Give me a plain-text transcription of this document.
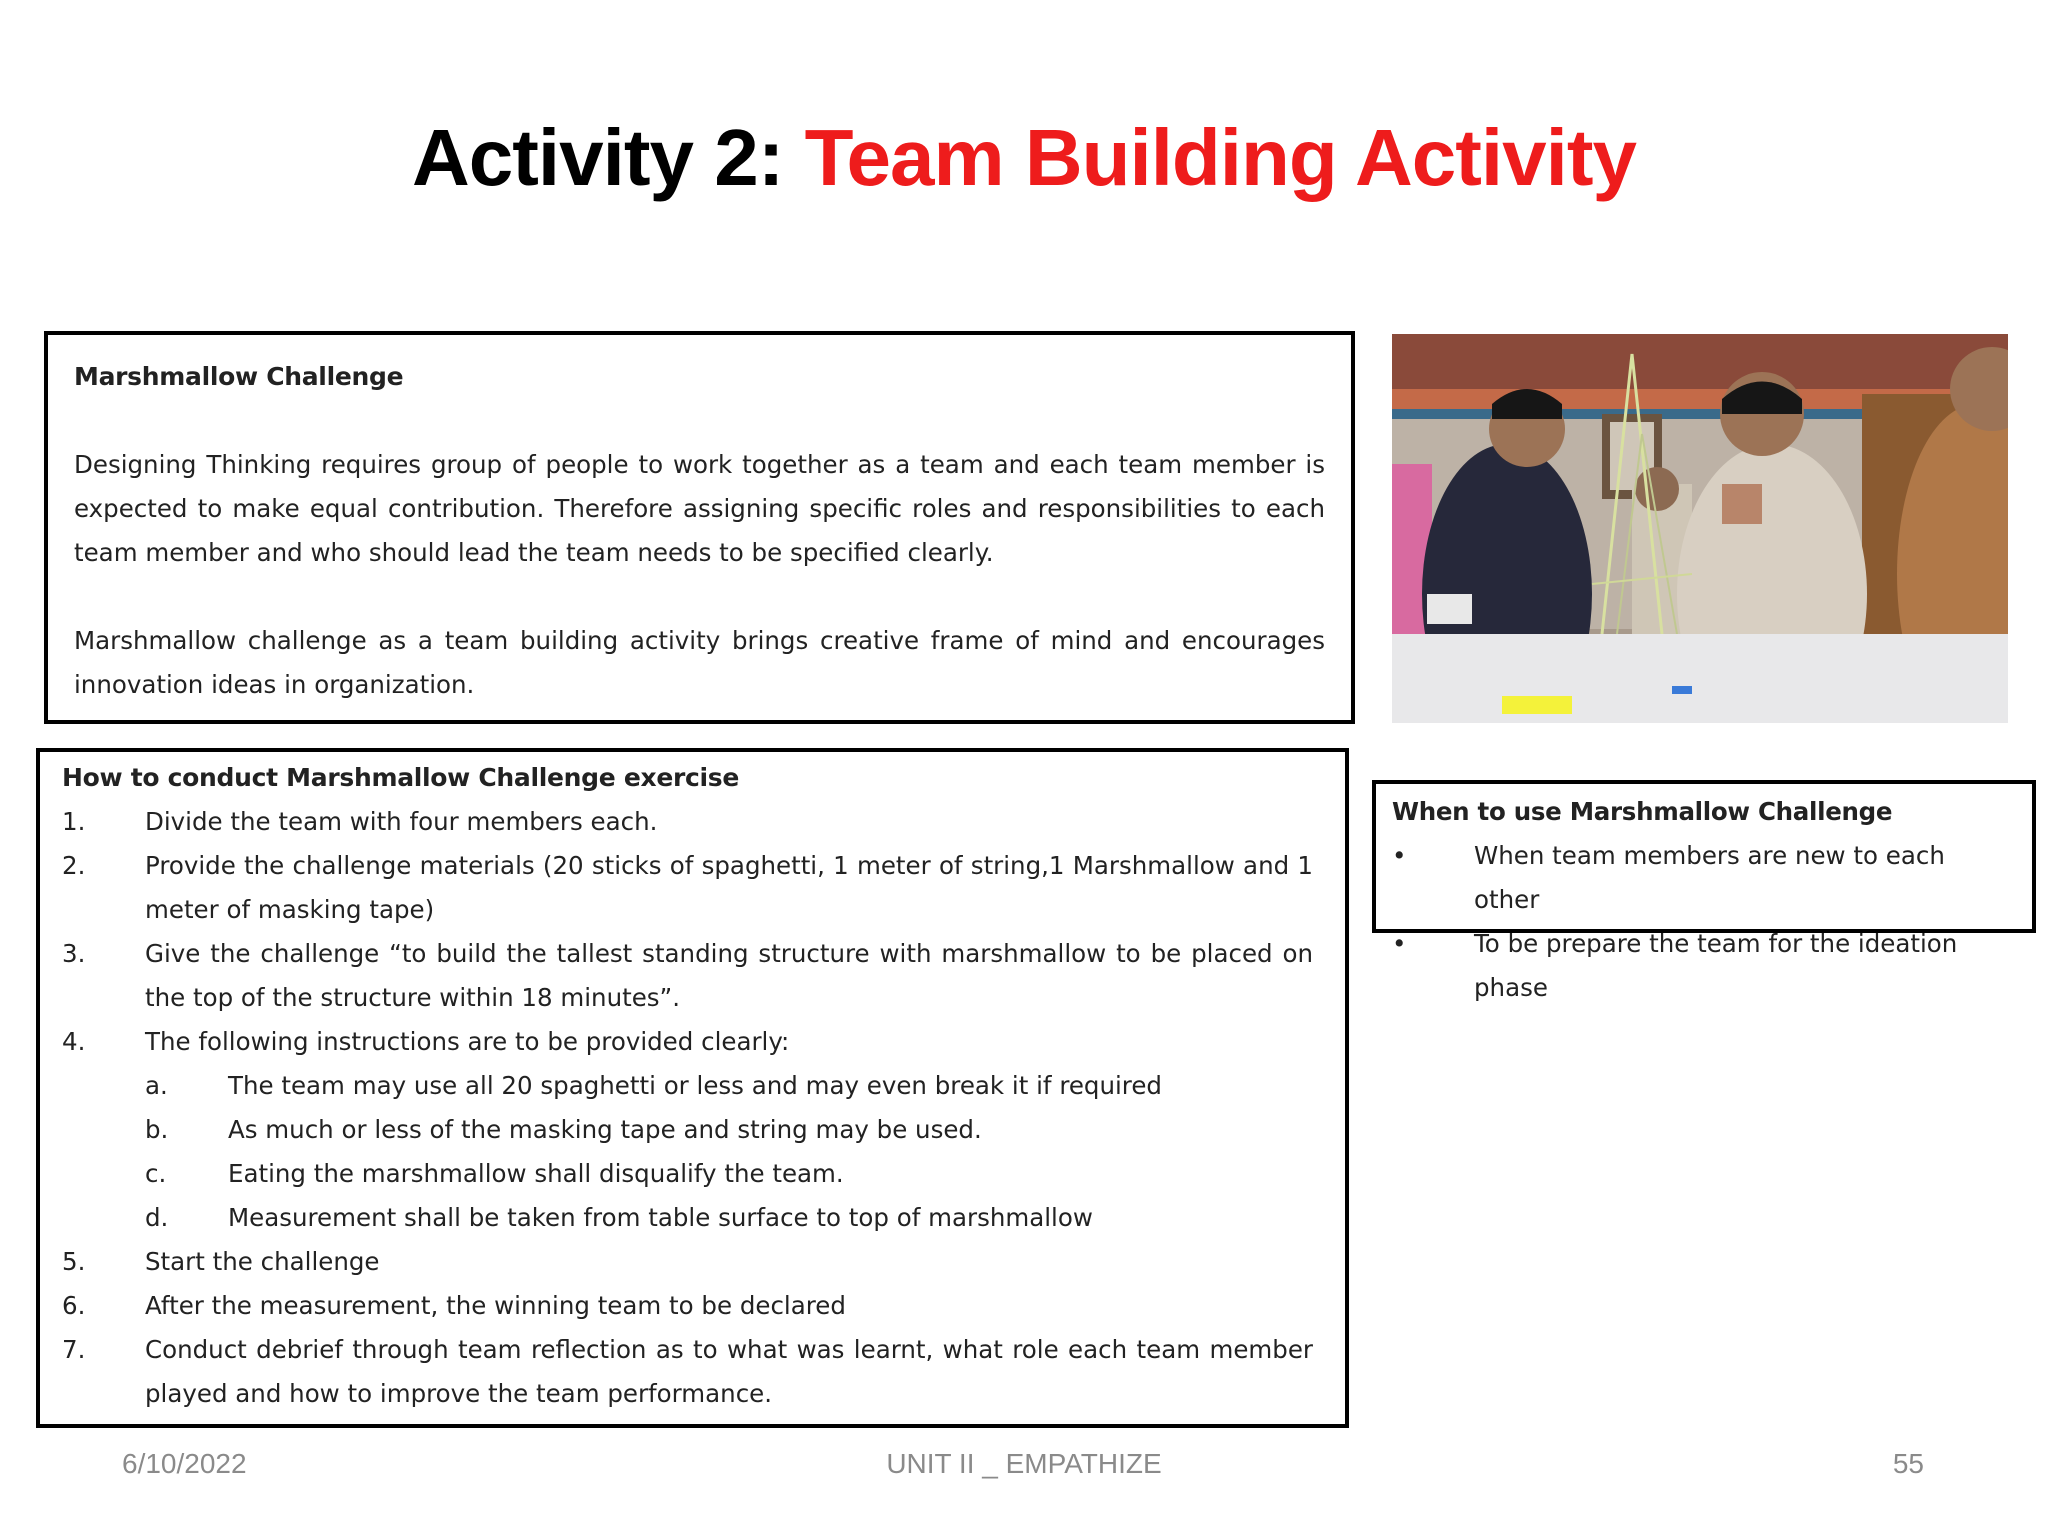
Activity 2: Team Building Activity

Marshmallow Challenge

Designing Thinking requires group of people to work together as a team and each team member is expected to make equal contribution. Therefore assigning specific roles and responsibilities to each team member and who should lead the team needs to be specified clearly.

Marshmallow challenge as a team building activity brings creative frame of mind and encourages innovation ideas in organization.

How to conduct Marshmallow Challenge exercise

1.	Divide the team with four members each.
2.	Provide the challenge materials (20 sticks of spaghetti, 1 meter of string,1 Marshmallow and 1 meter of masking tape)
3.	Give the challenge “to build the tallest standing structure with marshmallow to be placed on the top of the structure within 18 minutes”.
4.	The following instructions are to be provided clearly:
a.	The team may use all 20 spaghetti or less and may even break it if required
b.	As much or less of the masking tape and string may be used.
c.	Eating the marshmallow shall disqualify the team.
d.	Measurement shall be taken from table surface to top of marshmallow
5.	Start the challenge
6.	After the measurement, the winning team to be declared
7.	Conduct debrief through team reflection as to what was learnt, what role each team member played and how to improve the team performance.

When to use Marshmallow Challenge

•	When team members are new to each other
•	To be prepare the team for the ideation phase
6/10/2022	UNIT II _ EMPATHIZE	55
